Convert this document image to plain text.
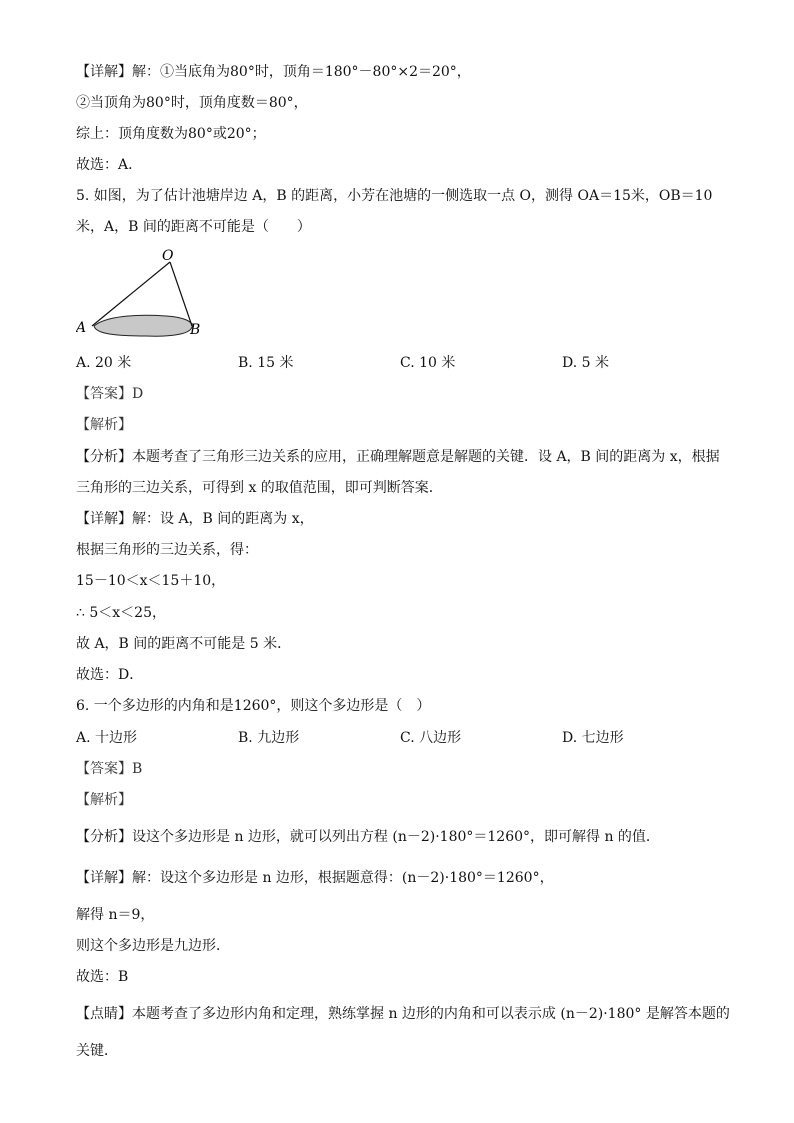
【详解】解：①当底角为80°时，顶角＝180°－80°×2＝20°，
②当顶角为80°时，顶角度数＝80°，
综上：顶角度数为80°或20°；
故选：A．
5. 如图，为了估计池塘岸边 A，B 的距离，小芳在池塘的一侧选取一点 O，测得 OA＝15米，OB＝10
米，A，B 间的距离不可能是（　　）
O
A	B
A. 20 米	B. 15 米	C. 10 米	D. 5 米
【答案】D
【解析】
【分析】本题考查了三角形三边关系的应用，正确理解题意是解题的关键．设 A，B 间的距离为 x，根据
三角形的三边关系，可得到 x 的取值范围，即可判断答案．
【详解】解：设 A，B 间的距离为 x，
根据三角形的三边关系，得：
15－10＜x＜15＋10，
∴ 5＜x＜25，
故 A，B 间的距离不可能是 5 米．
故选：D．
6. 一个多边形的内角和是1260°，则这个多边形是（　）
A. 十边形	B. 九边形	C. 八边形	D. 七边形
【答案】B
【解析】
【分析】设这个多边形是 n 边形，就可以列出方程 (n－2)·180°＝1260°，即可解得 n 的值．
【详解】解：设这个多边形是 n 边形，根据题意得：(n－2)·180°＝1260°，
解得 n＝9，
则这个多边形是九边形．
故选：B
【点睛】本题考查了多边形内角和定理，熟练掌握 n 边形的内角和可以表示成 (n－2)·180° 是解答本题的
关键．
